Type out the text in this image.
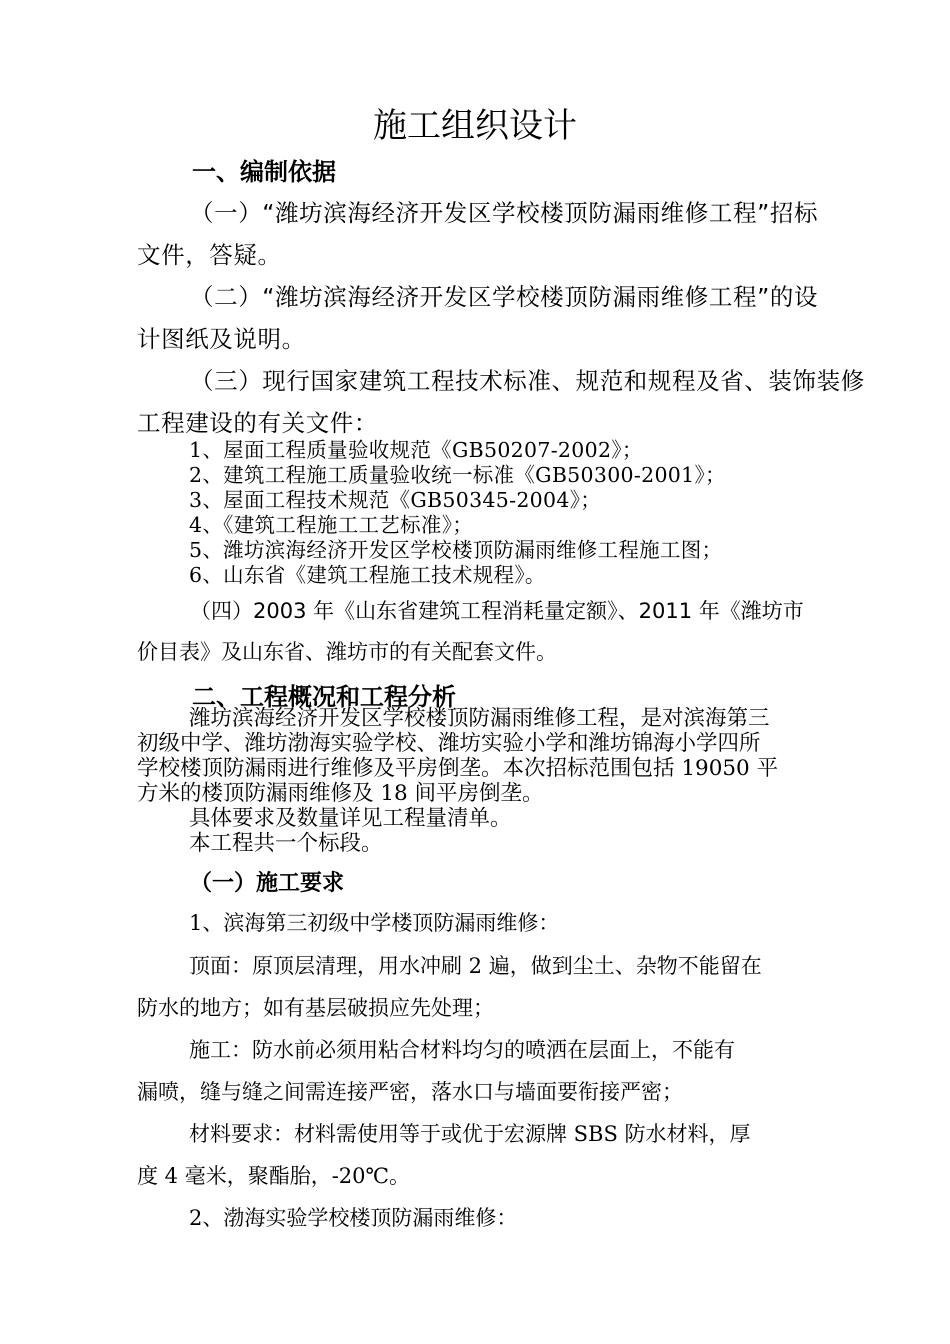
施工组织设计
一、编制依据
（一）“潍坊滨海经济开发区学校楼顶防漏雨维修工程”招标
文件，答疑。
（二）“潍坊滨海经济开发区学校楼顶防漏雨维修工程”的设
计图纸及说明。
（三）现行国家建筑工程技术标准、规范和规程及省、装饰装修
工程建设的有关文件：
1、屋面工程质量验收规范《GB50207-2002》；
2、建筑工程施工质量验收统一标准《GB50300-2001》；
3、屋面工程技术规范《GB50345-2004》；
4、《建筑工程施工工艺标准》；
5、潍坊滨海经济开发区学校楼顶防漏雨维修工程施工图；
6、山东省《建筑工程施工技术规程》。
（四）2003 年《山东省建筑工程消耗量定额》、2011 年《潍坊市
价目表》及山东省、潍坊市的有关配套文件。
二、工程概况和工程分析
潍坊滨海经济开发区学校楼顶防漏雨维修工程，是对滨海第三
初级中学、潍坊渤海实验学校、潍坊实验小学和潍坊锦海小学四所
学校楼顶防漏雨进行维修及平房倒垄。本次招标范围包括 19050 平
方米的楼顶防漏雨维修及 18 间平房倒垄。
具体要求及数量详见工程量清单。
本工程共一个标段。
（一）施工要求
1、滨海第三初级中学楼顶防漏雨维修：
顶面：原顶层清理，用水冲刷 2 遍，做到尘土、杂物不能留在
防水的地方；如有基层破损应先处理；
施工：防水前必须用粘合材料均匀的喷洒在层面上，不能有
漏喷，缝与缝之间需连接严密，落水口与墙面要衔接严密；
材料要求：材料需使用等于或优于宏源牌 SBS 防水材料，厚
度 4 毫米，聚酯胎，-20℃。
2、渤海实验学校楼顶防漏雨维修：
